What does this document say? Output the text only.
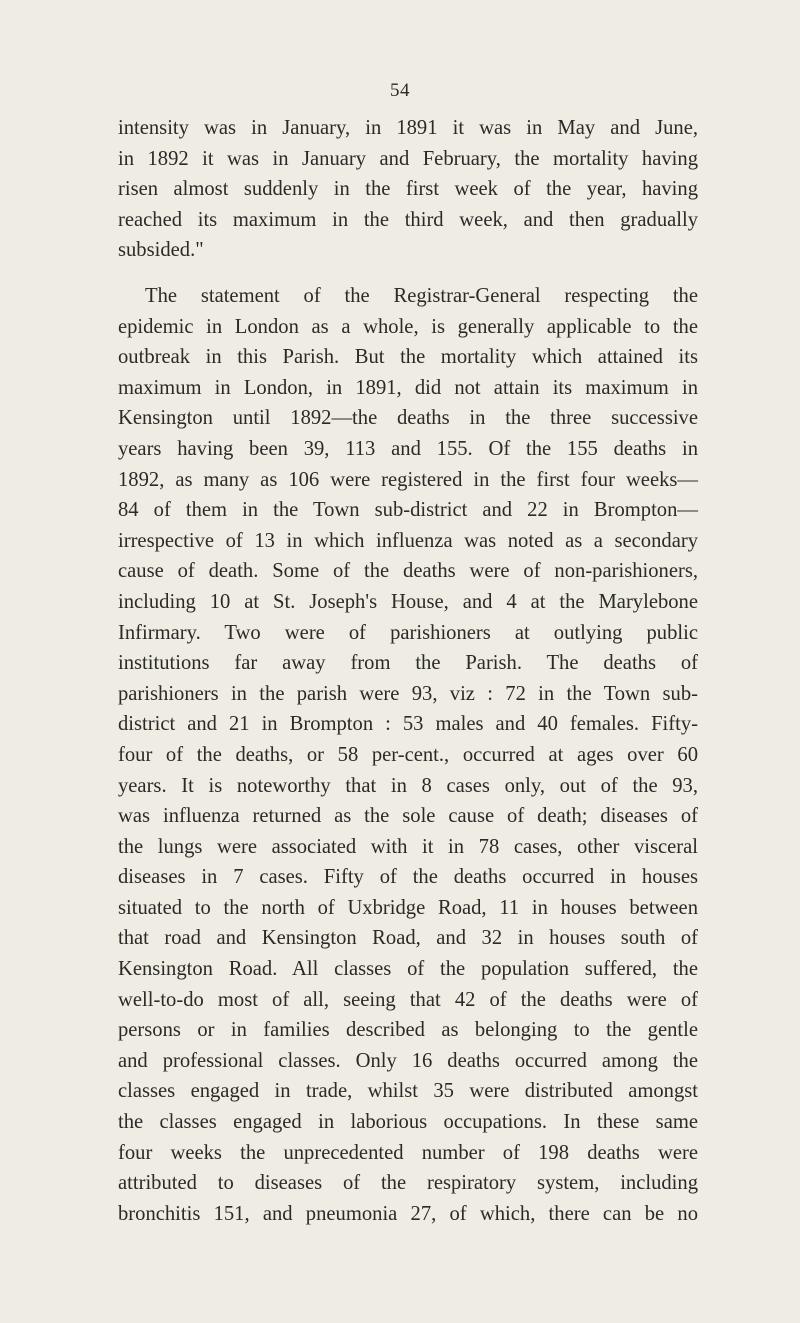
54
intensity was in January, in 1891 it was in May and June,
in 1892 it was in January and February, the mortality having
risen almost suddenly in the first week of the year, having
reached its maximum in the third week, and then gradually
subsided."
The statement of the Registrar-General respecting the
epidemic in London as a whole, is generally applicable to the
outbreak in this Parish. But the mortality which attained its
maximum in London, in 1891, did not attain its maximum in
Kensington until 1892—the deaths in the three successive
years having been 39, 113 and 155. Of the 155 deaths in
1892, as many as 106 were registered in the first four weeks—
84 of them in the Town sub-district and 22 in Brompton—
irrespective of 13 in which influenza was noted as a secondary
cause of death. Some of the deaths were of non-parishioners,
including 10 at St. Joseph's House, and 4 at the Marylebone
Infirmary. Two were of parishioners at outlying public
institutions far away from the Parish. The deaths of
parishioners in the parish were 93, viz : 72 in the Town sub-
district and 21 in Brompton : 53 males and 40 females. Fifty-
four of the deaths, or 58 per-cent., occurred at ages over 60
years. It is noteworthy that in 8 cases only, out of the 93,
was influenza returned as the sole cause of death; diseases of
the lungs were associated with it in 78 cases, other visceral
diseases in 7 cases. Fifty of the deaths occurred in houses
situated to the north of Uxbridge Road, 11 in houses between
that road and Kensington Road, and 32 in houses south of
Kensington Road. All classes of the population suffered, the
well-to-do most of all, seeing that 42 of the deaths were of
persons or in families described as belonging to the gentle
and professional classes. Only 16 deaths occurred among the
classes engaged in trade, whilst 35 were distributed amongst
the classes engaged in laborious occupations. In these same
four weeks the unprecedented number of 198 deaths were
attributed to diseases of the respiratory system, including
bronchitis 151, and pneumonia 27, of which, there can be no
